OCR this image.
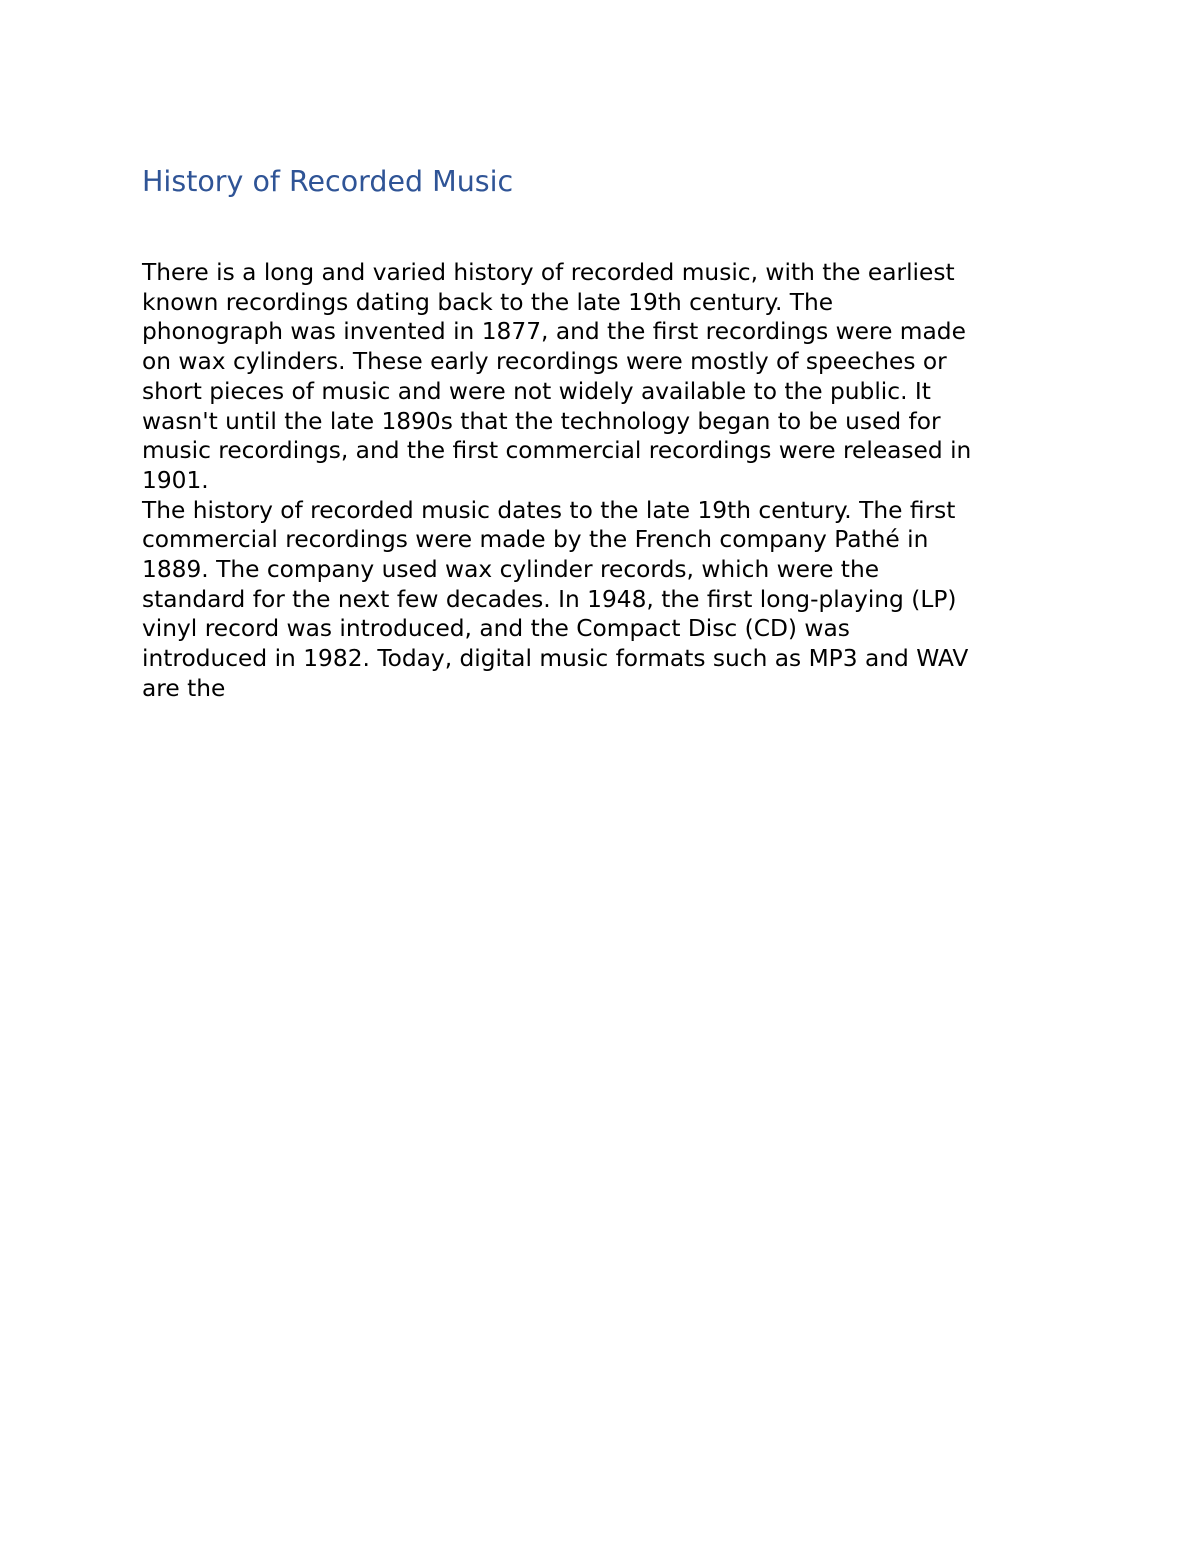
History of Recorded Music

There is a long and varied history of recorded music, with the earliest
known recordings dating back to the late 19th century. The
phonograph was invented in 1877, and the first recordings were made
on wax cylinders. These early recordings were mostly of speeches or
short pieces of music and were not widely available to the public. It
wasn't until the late 1890s that the technology began to be used for
music recordings, and the first commercial recordings were released in
1901.

The history of recorded music dates to the late 19th century. The first
commercial recordings were made by the French company Pathé in
1889. The company used wax cylinder records, which were the
standard for the next few decades. In 1948, the first long-playing (LP)
vinyl record was introduced, and the Compact Disc (CD) was
introduced in 1982. Today, digital music formats such as MP3 and WAV
are the
